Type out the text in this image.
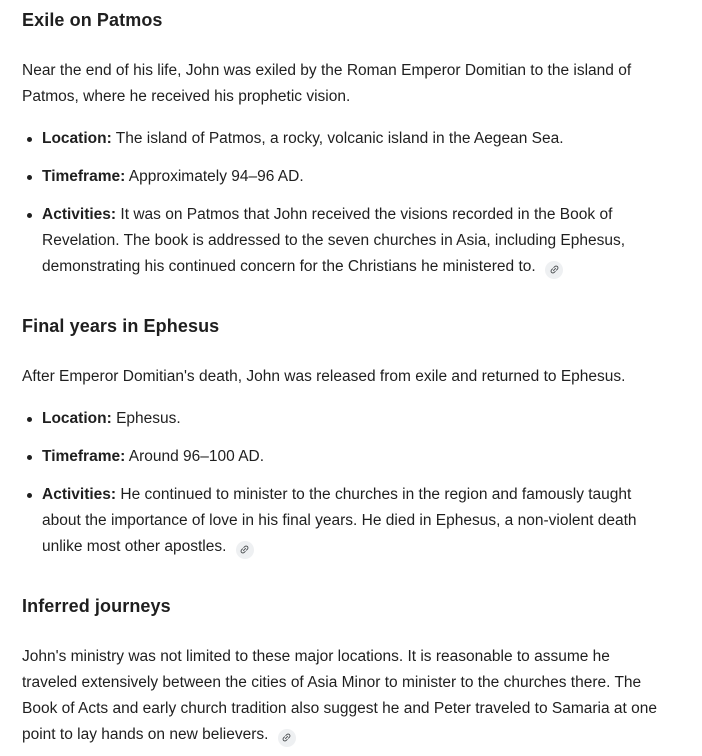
Exile on Patmos

Near the end of his life, John was exiled by the Roman Emperor Domitian to the island of Patmos, where he received his prophetic vision.

Location: The island of Patmos, a rocky, volcanic island in the Aegean Sea.
Timeframe: Approximately 94–96 AD.
Activities: It was on Patmos that John received the visions recorded in the Book of Revelation. The book is addressed to the seven churches in Asia, including Ephesus, demonstrating his continued concern for the Christians he ministered to.
Final years in Ephesus

After Emperor Domitian's death, John was released from exile and returned to Ephesus.

Location: Ephesus.
Timeframe: Around 96–100 AD.
Activities: He continued to minister to the churches in the region and famously taught about the importance of love in his final years. He died in Ephesus, a non-violent death unlike most other apostles.
Inferred journeys

John's ministry was not limited to these major locations. It is reasonable to assume he traveled extensively between the cities of Asia Minor to minister to the churches there. The Book of Acts and early church tradition also suggest he and Peter traveled to Samaria at one point to lay hands on new believers.
